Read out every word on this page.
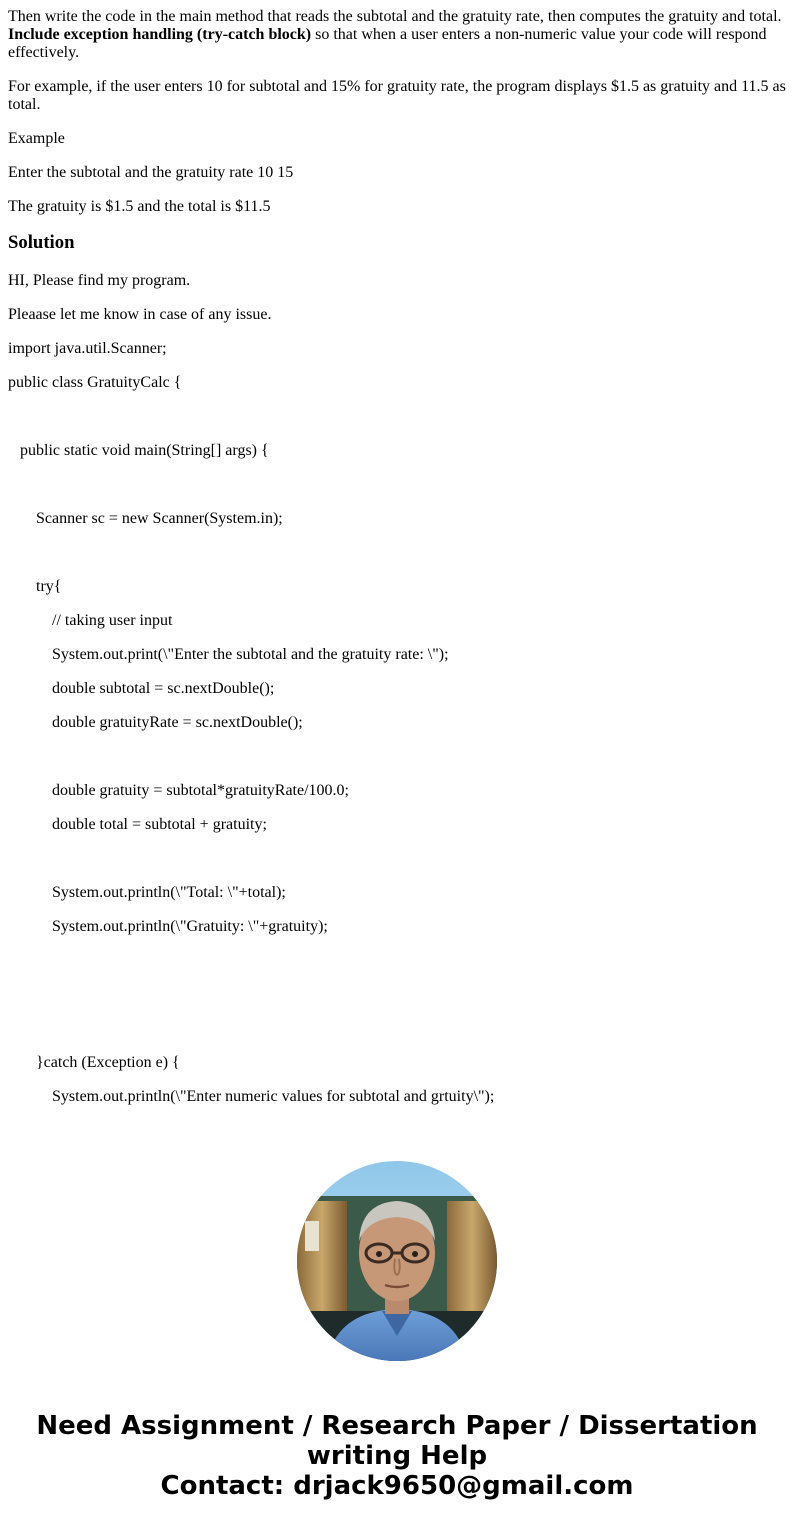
Then write the code in the main method that reads the subtotal and the gratuity rate, then computes the gratuity and total. Include exception handling (try-catch block) so that when a user enters a non-numeric value your code will respond effectively.

For example, if the user enters 10 for subtotal and 15% for gratuity rate, the program displays $1.5 as gratuity and 11.5 as total.

Example

Enter the subtotal and the gratuity rate 10 15

The gratuity is $1.5 and the total is $11.5

Solution

HI, Please find my program.

Pleaase let me know in case of any issue.

import java.util.Scanner;

public class GratuityCalc {

public static void main(String[] args) {

Scanner sc = new Scanner(System.in);

try{

// taking user input

System.out.print(\"Enter the subtotal and the gratuity rate: \");

double subtotal = sc.nextDouble();

double gratuityRate = sc.nextDouble();

double gratuity = subtotal*gratuityRate/100.0;

double total = subtotal + gratuity;

System.out.println(\"Total: \"+total);

System.out.println(\"Gratuity: \"+gratuity);

}catch (Exception e) {

System.out.println(\"Enter numeric values for subtotal and grtuity\");

Need Assignment / Research Paper / Dissertation
writing Help
Contact: drjack9650@gmail.com
